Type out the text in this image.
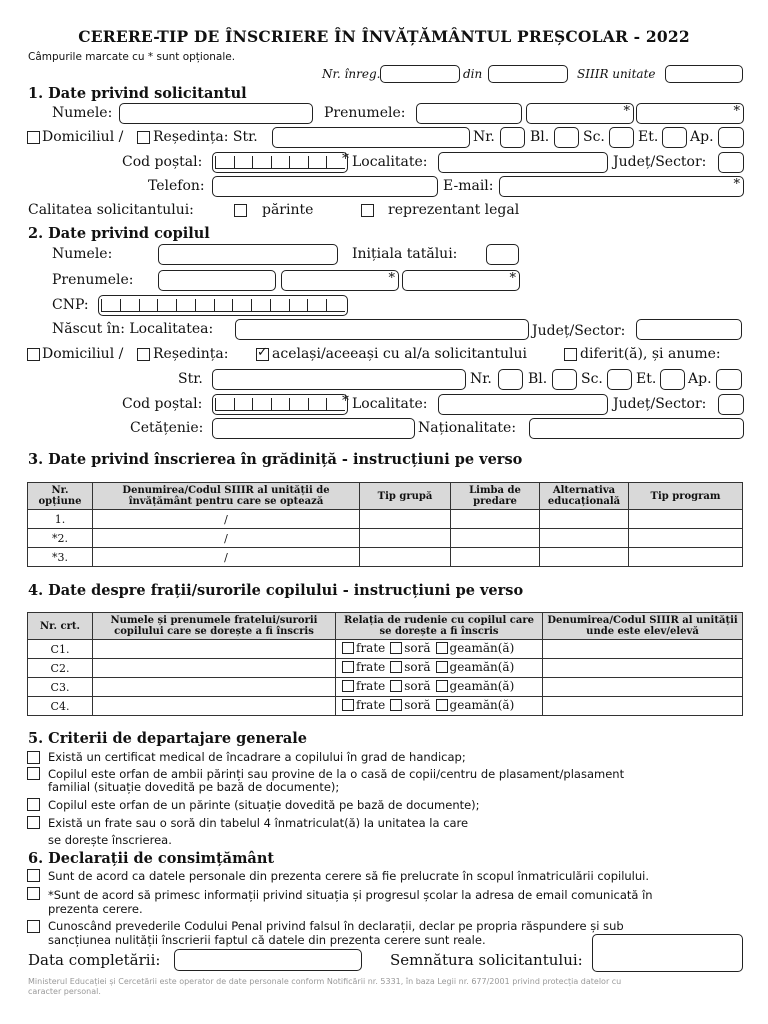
CERERE-TIP DE ÎNSCRIERE ÎN ÎNVĂȚĂMÂNTUL PREȘCOLAR - 2022
Câmpurile marcate cu * sunt opționale.
Nr. înreg.	din	SIIIR unitate
1. Date privind solicitantul
Numele:	Prenumele:	*	*
Domiciliul / Reședința: Str.	Nr.	Bl. Sc. Et. Ap.
Cod poștal:	* Localitate:	Județ/Sector:
Telefon:	E-mail:	*
Calitatea solicitantului:	părinte	reprezentant legal
2. Date privind copilul
Numele:	Inițiala tatălui:
Prenumele:	*	*
CNP:
Născut în: Localitatea:	Județ/Sector:
Domiciliul / Reședința: ✓	același/aceeași cu al/a solicitantului	diferit(ă), și anume:
Str.	Nr.	Bl. Sc. Et. Ap.
Cod poștal:	* Localitate:	Județ/Sector:
Cetățenie:	Naționalitate:
3. Date privind înscrierea în grădiniță - instrucțiuni pe verso
Nr. opțiune	Denumirea/Codul SIIIR al unității de învățământ pentru care se optează	Tip grupă	Limba de predare	Alternativa educațională	Tip program
1.	/				
*2.	/				
*3.	/				
4. Date despre frații/surorile copilului - instrucțiuni pe verso
Nr. crt.	Numele și prenumele fratelui/surorii copilului care se dorește a fi înscris	Relația de rudenie cu copilul care se dorește a fi înscris	Denumirea/Codul SIIIR al unității unde este elev/elevă
C1.		frate soră geamăn(ă)	

C2.		frate soră geamăn(ă)	

C3.		frate soră geamăn(ă)	

C4.		frate soră geamăn(ă)	

5. Criterii de departajare generale
Există un certificat medical de încadrare a copilului în grad de handicap;
Copilul este orfan de ambii părinți sau provine de la o casă de copii/centru de plasament/plasament
familial (situație dovedită pe bază de documente);
Copilul este orfan de un părinte (situație dovedită pe bază de documente);
Există un frate sau o soră din tabelul 4 înmatriculat(ă) la unitatea la care
se dorește înscrierea.
6. Declarații de consimțământ
Sunt de acord ca datele personale din prezenta cerere să fie prelucrate în scopul înmatriculării copilului.
*Sunt de acord să primesc informații privind situația și progresul școlar la adresa de email comunicată în
prezenta cerere.
Cunoscând prevederile Codului Penal privind falsul în declarații, declar pe propria răspundere și sub
sancțiunea nulității înscrierii faptul că datele din prezenta cerere sunt reale.
Data completării:	Semnătura solicitantului:
Ministerul Educației și Cercetării este operator de date personale conform Notificării nr. 5331, în baza Legii nr. 677/2001 privind protecția datelor cu
caracter personal.
